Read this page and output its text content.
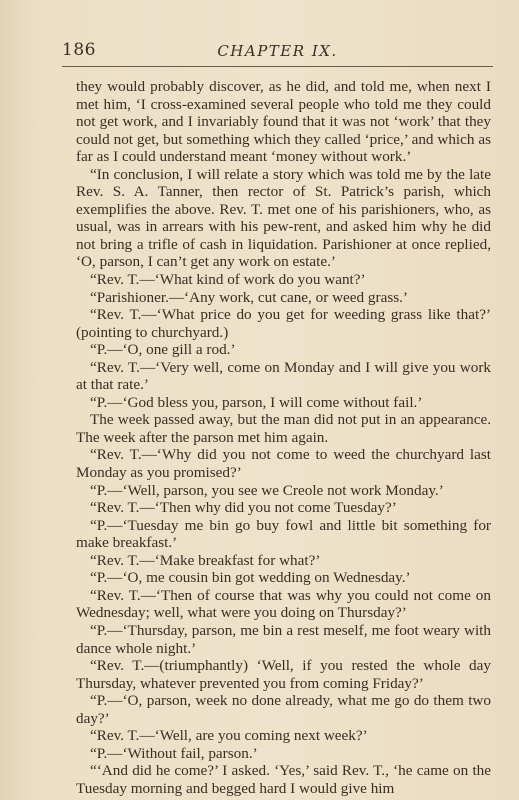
186	CHAPTER IX.

they would probably discover, as he did, and told me, when next I met him, ‘I cross-examined several people who told me they could not get work, and I invariably found that it was not ‘work’ that they could not get, but something which they called ‘price,’ and which as far as I could understand meant ‘money without work.’

“In conclusion, I will relate a story which was told me by the late Rev. S. A. Tanner, then rector of St. Patrick’s parish, which exemplifies the above. Rev. T. met one of his parishioners, who, as usual, was in arrears with his pew-rent, and asked him why he did not bring a trifle of cash in liquidation. Parishioner at once replied, ‘O, parson, I can’t get any work on estate.’

“Rev. T.—‘What kind of work do you want?’

“Parishioner.—‘Any work, cut cane, or weed grass.’

“Rev. T.—‘What price do you get for weeding grass like that?’ (pointing to churchyard.)

“P.—‘O, one gill a rod.’

“Rev. T.—‘Very well, come on Monday and I will give you work at that rate.’

“P.—‘God bless you, parson, I will come without fail.’

The week passed away, but the man did not put in an appearance. The week after the parson met him again.

“Rev. T.—‘Why did you not come to weed the churchyard last Monday as you promised?’

“P.—‘Well, parson, you see we Creole not work Monday.’

“Rev. T.—‘Then why did you not come Tuesday?’

“P.—‘Tuesday me bin go buy fowl and little bit something for make breakfast.’

“Rev. T.—‘Make breakfast for what?’

“P.—‘O, me cousin bin got wedding on Wednesday.’

“Rev. T.—‘Then of course that was why you could not come on Wednesday; well, what were you doing on Thursday?’

“P.—‘Thursday, parson, me bin a rest meself, me foot weary with dance whole night.’

“Rev. T.—(triumphantly) ‘Well, if you rested the whole day Thursday, whatever prevented you from coming Friday?’

“P.—‘O, parson, week no done already, what me go do them two day?’

“Rev. T.—‘Well, are you coming next week?’

“P.—‘Without fail, parson.’

“‘And did he come?’ I asked. ‘Yes,’ said Rev. T., ‘he came on the Tuesday morning and begged hard I would give him
